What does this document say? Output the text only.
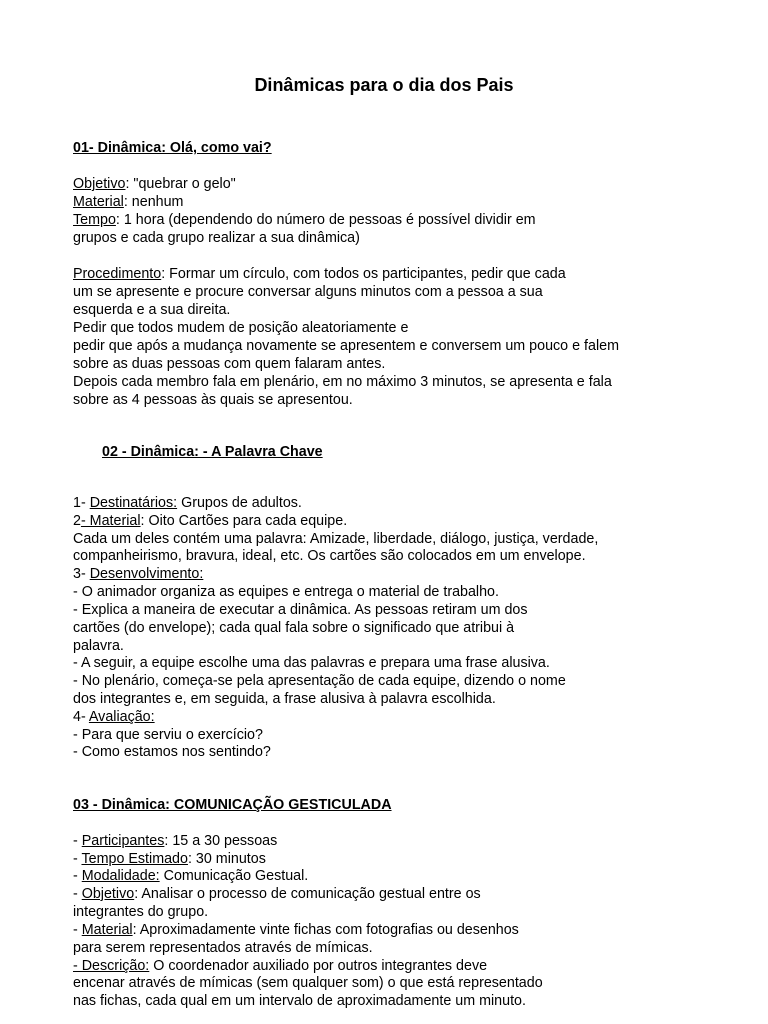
Dinâmicas para o dia dos Pais
01- Dinâmica: Olá, como vai?
Objetivo: "quebrar o gelo"
Material: nenhum
Tempo: 1 hora (dependendo do número de pessoas é possível dividir em
grupos e cada grupo realizar a sua dinâmica)
Procedimento: Formar um círculo, com todos os participantes, pedir que cada
um se apresente e procure conversar alguns minutos com a pessoa a sua
esquerda e a sua direita.
Pedir que todos mudem de posição aleatoriamente e
pedir que após a mudança novamente se apresentem e conversem um pouco e falem
sobre as duas pessoas com quem falaram antes.
Depois cada membro fala em plenário, em no máximo 3 minutos, se apresenta e fala
sobre as 4 pessoas às quais se apresentou.
02 - Dinâmica: - A Palavra Chave
1- Destinatários: Grupos de adultos.
2- Material: Oito Cartões para cada equipe.
Cada um deles contém uma palavra: Amizade, liberdade, diálogo, justiça, verdade,
companheirismo, bravura, ideal, etc. Os cartões são colocados em um envelope.
3- Desenvolvimento:
- O animador organiza as equipes e entrega o material de trabalho.
- Explica a maneira de executar a dinâmica. As pessoas retiram um dos
cartões (do envelope); cada qual fala sobre o significado que atribui à
palavra.
- A seguir, a equipe escolhe uma das palavras e prepara uma frase alusiva.
- No plenário, começa-se pela apresentação de cada equipe, dizendo o nome
dos integrantes e, em seguida, a frase alusiva à palavra escolhida.
4- Avaliação:
- Para que serviu o exercício?
- Como estamos nos sentindo?
03 - Dinâmica: COMUNICAÇÃO GESTICULADA
- Participantes: 15 a 30 pessoas
- Tempo Estimado: 30 minutos
- Modalidade: Comunicação Gestual.
- Objetivo: Analisar o processo de comunicação gestual entre os
integrantes do grupo.
- Material: Aproximadamente vinte fichas com fotografias ou desenhos
para serem representados através de mímicas.
- Descrição: O coordenador auxiliado por outros integrantes deve
encenar através de mímicas (sem qualquer som) o que está representado
nas fichas, cada qual em um intervalo de aproximadamente um minuto.
